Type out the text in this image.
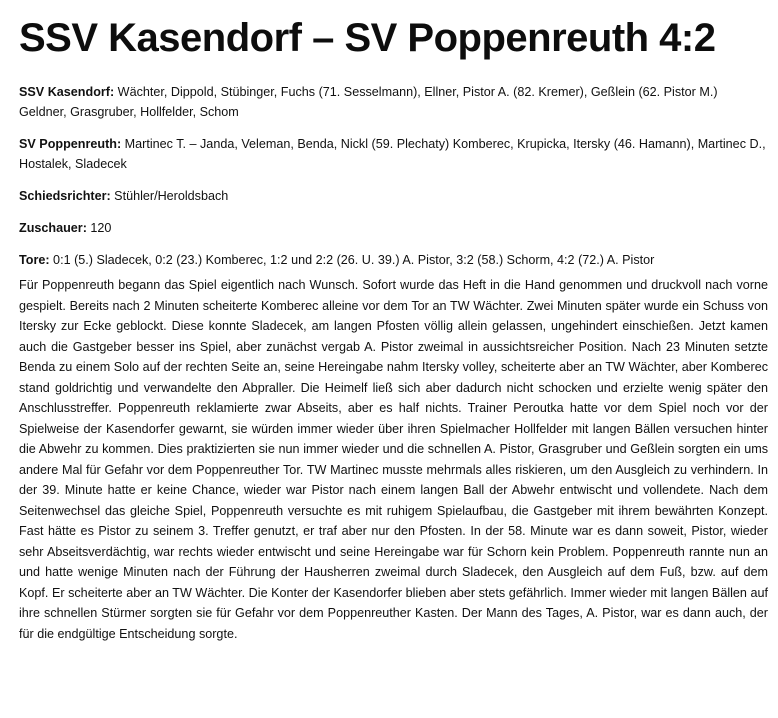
SSV Kasendorf – SV Poppenreuth 4:2

SSV Kasendorf: Wächter, Dippold, Stübinger, Fuchs (71. Sesselmann), Ellner, Pistor A. (82. Kremer), Geßlein (62. Pistor M.) Geldner, Grasgruber, Hollfelder, Schom

SV Poppenreuth: Martinec T. – Janda, Veleman, Benda, Nickl (59. Plechaty) Komberec, Krupicka, Itersky (46. Hamann), Martinec D., Hostalek, Sladecek

Schiedsrichter: Stühler/Heroldsbach

Zuschauer: 120

Tore: 0:1 (5.) Sladecek, 0:2 (23.) Komberec, 1:2 und 2:2 (26. U. 39.) A. Pistor, 3:2 (58.) Schorm, 4:2 (72.) A. Pistor

Für Poppenreuth begann das Spiel eigentlich nach Wunsch. Sofort wurde das Heft in die Hand genommen und druckvoll nach vorne gespielt. Bereits nach 2 Minuten scheiterte Komberec alleine vor dem Tor an TW Wächter. Zwei Minuten später wurde ein Schuss von Itersky zur Ecke geblockt. Diese konnte Sladecek, am langen Pfosten völlig allein gelassen, ungehindert einschießen. Jetzt kamen auch die Gastgeber besser ins Spiel, aber zunächst vergab A. Pistor zweimal in aussichtsreicher Position. Nach 23 Minuten setzte Benda zu einem Solo auf der rechten Seite an, seine Hereingabe nahm Itersky volley, scheiterte aber an TW Wächter, aber Komberec stand goldrichtig und verwandelte den Abpraller. Die Heimelf ließ sich aber dadurch nicht schocken und erzielte wenig später den Anschlusstreffer. Poppenreuth reklamierte zwar Abseits, aber es half nichts. Trainer Peroutka hatte vor dem Spiel noch vor der Spielweise der Kasendorfer gewarnt, sie würden immer wieder über ihren Spielmacher Hollfelder mit langen Bällen versuchen hinter die Abwehr zu kommen. Dies praktizierten sie nun immer wieder und die schnellen A. Pistor, Grasgruber und Geßlein sorgten ein ums andere Mal für Gefahr vor dem Poppenreuther Tor. TW Martinec musste mehrmals alles riskieren, um den Ausgleich zu verhindern. In der 39. Minute hatte er keine Chance, wieder war Pistor nach einem langen Ball der Abwehr entwischt und vollendete. Nach dem Seitenwechsel das gleiche Spiel, Poppenreuth versuchte es mit ruhigem Spielaufbau, die Gastgeber mit ihrem bewährten Konzept. Fast hätte es Pistor zu seinem 3. Treffer genutzt, er traf aber nur den Pfosten. In der 58. Minute war es dann soweit, Pistor, wieder sehr Abseitsverdächtig, war rechts wieder entwischt und seine Hereingabe war für Schorn kein Problem. Poppenreuth rannte nun an und hatte wenige Minuten nach der Führung der Hausherren zweimal durch Sladecek, den Ausgleich auf dem Fuß, bzw. auf dem Kopf. Er scheiterte aber an TW Wächter. Die Konter der Kasendorfer blieben aber stets gefährlich. Immer wieder mit langen Bällen auf ihre schnellen Stürmer sorgten sie für Gefahr vor dem Poppenreuther Kasten. Der Mann des Tages, A. Pistor, war es dann auch, der für die endgültige Entscheidung sorgte.
